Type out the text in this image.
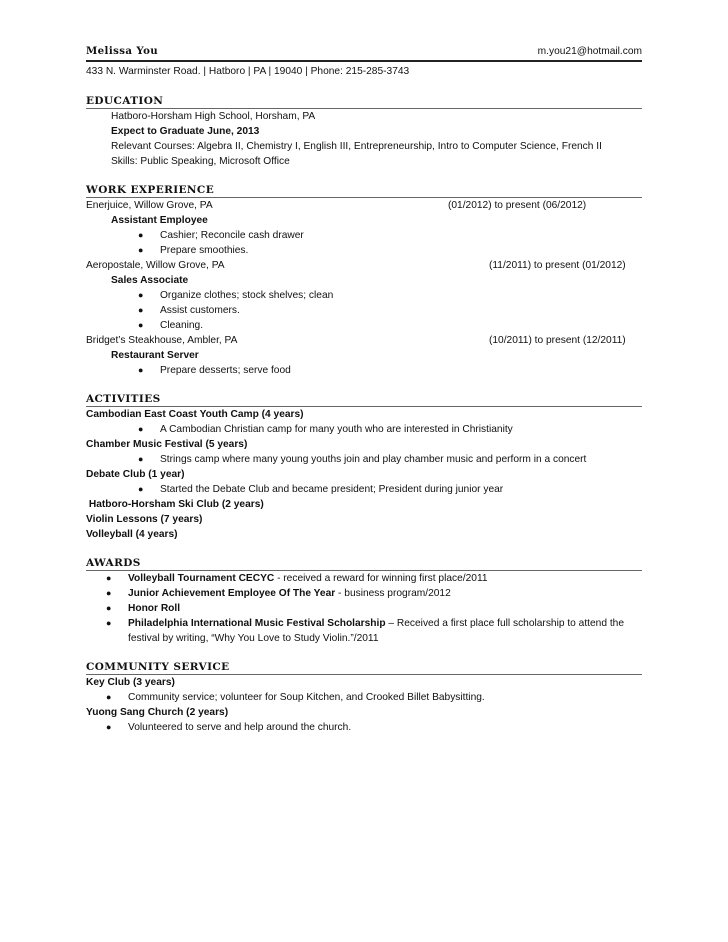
Melissa You	m.you21@hotmail.com
433 N. Warminster Road. | Hatboro | PA | 19040 | Phone: 215-285-3743
EDUCATION
Hatboro-Horsham High School, Horsham, PA
Expect to Graduate June, 2013
Relevant Courses: Algebra II, Chemistry I, English III, Entrepreneurship, Intro to Computer Science, French II
Skills: Public Speaking, Microsoft Office
WORK EXPERIENCE
Enerjuice, Willow Grove, PA	(01/2012) to present (06/2012)
Assistant Employee
● Cashier; Reconcile cash drawer
● Prepare smoothies.
Aeropostale, Willow Grove, PA	(11/2011) to present (01/2012)
Sales Associate
● Organize clothes; stock shelves; clean
● Assist customers.
● Cleaning.
Bridget’s Steakhouse, Ambler, PA	(10/2011) to present (12/2011)
Restaurant Server
● Prepare desserts; serve food
ACTIVITIES
Cambodian East Coast Youth Camp (4 years)
● A Cambodian Christian camp for many youth who are interested in Christianity
Chamber Music Festival (5 years)
● Strings camp where many young youths join and play chamber music and perform in a concert
Debate Club (1 year)
● Started the Debate Club and became president; President during junior year
Hatboro-Horsham Ski Club (2 years)
Violin Lessons (7 years)
Volleyball (4 years)
AWARDS
● Volleyball Tournament CECYC - received a reward for winning first place/2011
● Junior Achievement Employee Of The Year - business program/2012
● Honor Roll
● Philadelphia International Music Festival Scholarship – Received a first place full scholarship to attend the festival by writing, “Why You Love to Study Violin.”/2011
COMMUNITY SERVICE
Key Club (3 years)
● Community service; volunteer for Soup Kitchen, and Crooked Billet Babysitting.
Yuong Sang Church (2 years)
● Volunteered to serve and help around the church.
